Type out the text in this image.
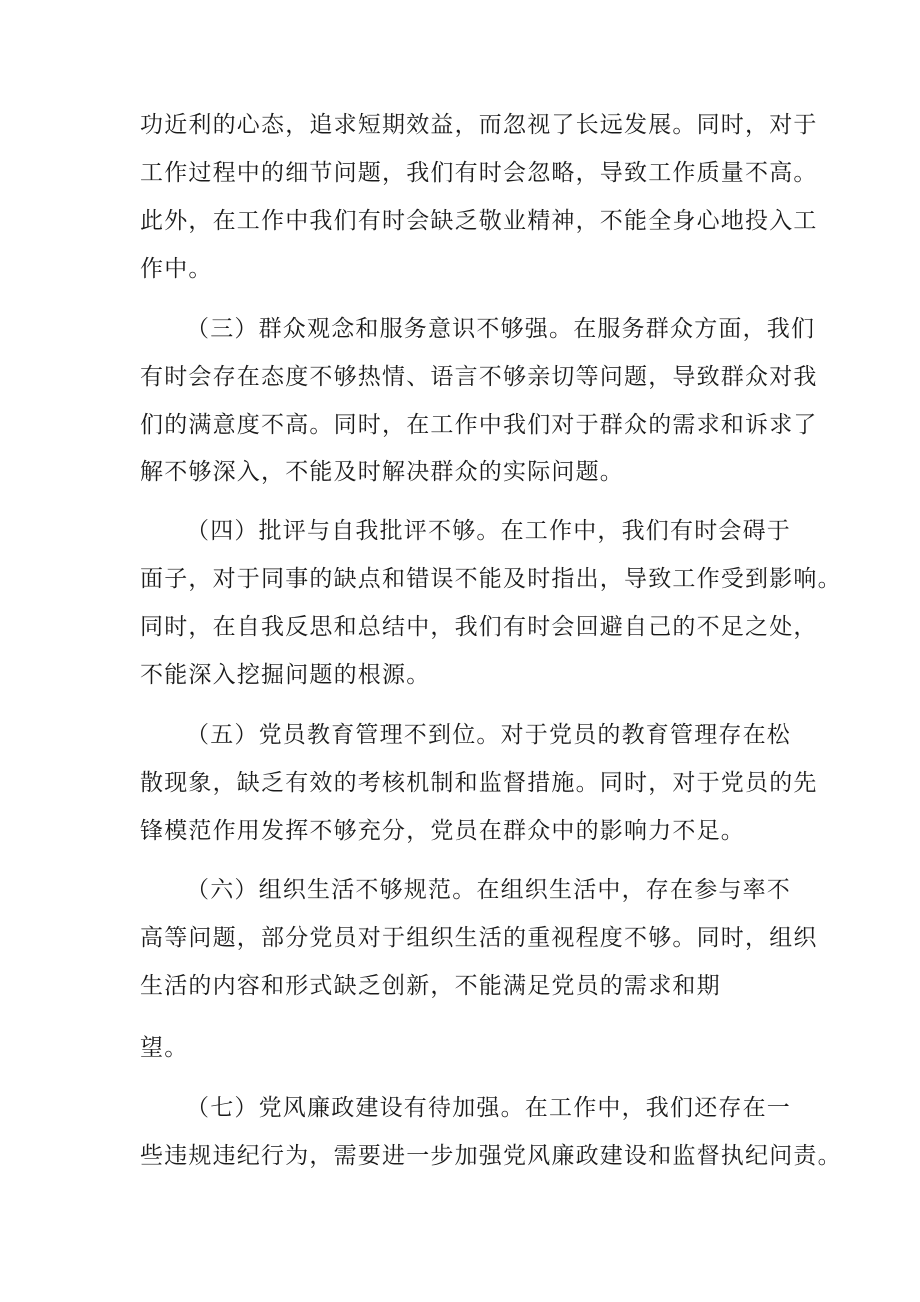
功近利的心态，追求短期效益，而忽视了长远发展。同时，对于
工作过程中的细节问题，我们有时会忽略，导致工作质量不高。
此外，在工作中我们有时会缺乏敬业精神，不能全身心地投入工
作中。
（三）群众观念和服务意识不够强。在服务群众方面，我们
有时会存在态度不够热情、语言不够亲切等问题，导致群众对我
们的满意度不高。同时，在工作中我们对于群众的需求和诉求了
解不够深入，不能及时解决群众的实际问题。
（四）批评与自我批评不够。在工作中，我们有时会碍于
面子，对于同事的缺点和错误不能及时指出，导致工作受到影响。
同时，在自我反思和总结中，我们有时会回避自己的不足之处，
不能深入挖掘问题的根源。
（五）党员教育管理不到位。对于党员的教育管理存在松
散现象，缺乏有效的考核机制和监督措施。同时，对于党员的先
锋模范作用发挥不够充分，党员在群众中的影响力不足。
（六）组织生活不够规范。在组织生活中，存在参与率不
高等问题，部分党员对于组织生活的重视程度不够。同时，组织
生活的内容和形式缺乏创新，不能满足党员的需求和期
望。
（七）党风廉政建设有待加强。在工作中，我们还存在一
些违规违纪行为，需要进一步加强党风廉政建设和监督执纪问责。
